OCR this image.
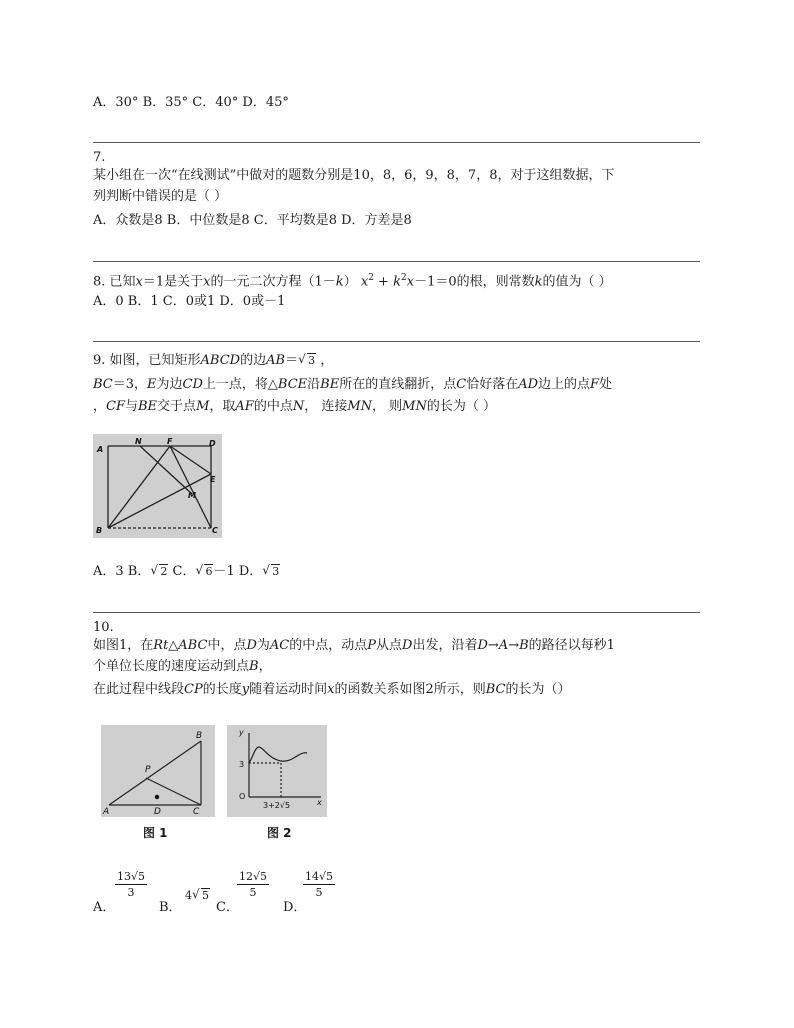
A．30° B．35° C．40° D．45°
7.
某小组在一次“在线测试”中做对的题数分别是10，8，6，9，8，7，8，对于这组数据，下
列判断中错误的是（ ）
A．众数是8 B．中位数是8 C．平均数是8 D．方差是8
8. 已知x＝1是关于x的一元二次方程（1－k） $x^2 + k^2x-1=0$的根，则常数k的值为（ ）
A．0 B．1 C．0或1 D．0或－1
9. 如图，已知矩形ABCD的边AB＝ √ 3 ，
BC＝3，E为边CD上一点，将△BCE沿BE所在的直线翻折，点C恰好落在AD边上的点F处
，CF与BE交于点M，取AF的中点N， 连接MN， 则MN的长为（ ）
A
N	F	D
E
M
B	C
A．3 B． √ 2 C． √ 6－1 D． √ 3
10.
如图1，在Rt△ABC中，点D为AC的中点，动点P从点D出发，沿着D→A→B的路径以每秒1
个单位长度的速度运动到点B，
在此过程中线段CP的长度y随着运动时间x的函数关系如图2所示，则BC的长为（）
B
P
A	D	C
y
3
O
3+2√5	x
图 1	图 2
A．
$\frac{13√5}{3}$
B．
4 √ 5
C．
$\frac{12√5}{5}$
D．
$\frac{14√5}{5}$
